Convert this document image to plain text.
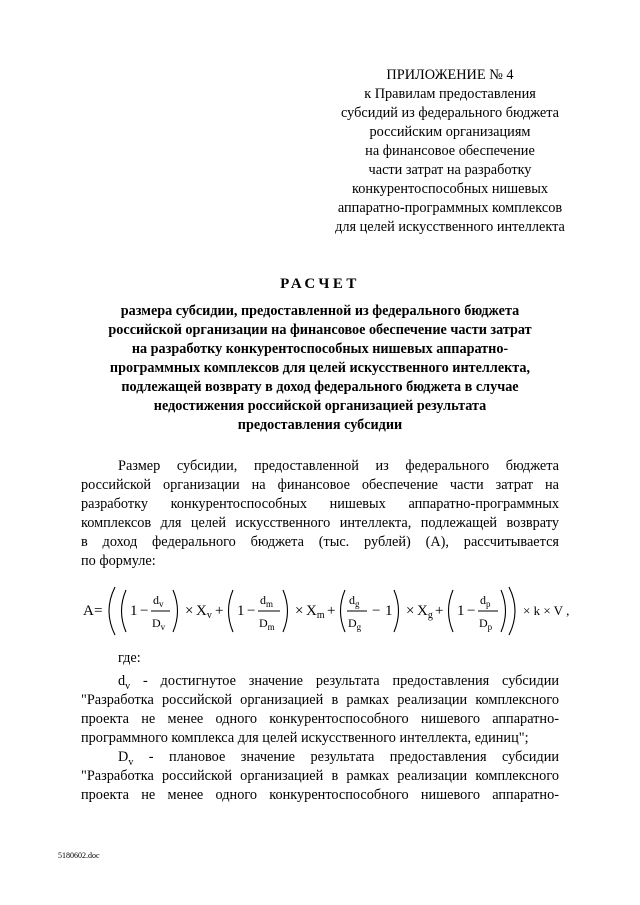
ПРИЛОЖЕНИЕ № 4
к Правилам предоставления
субсидий из федерального бюджета
российским организациям
на финансовое обеспечение
части затрат на разработку
конкурентоспособных нишевых
аппаратно-программных комплексов
для целей искусственного интеллекта
РАСЧЕТ
размера субсидии, предоставленной из федерального бюджета
российской организации на финансовое обеспечение части затрат
на разработку конкурентоспособных нишевых аппаратно-
программных комплексов для целей искусственного интеллекта,
подлежащей возврату в доход федерального бюджета в случае
недостижения российской организацией результата
предоставления субсидии
Размер субсидии, предоставленной из федерального бюджета
российской организации на финансовое обеспечение части затрат на
разработку конкурентоспособных нишевых аппаратно-программных
комплексов для целей искусственного интеллекта, подлежащей возврату
в доход федерального бюджета (тыс. рублей) (А), рассчитывается
по формуле:
A = 1 −
$d_v$
$D_v$
× $X_v + 1$ −
$d_m$
$D_m$
× $X_m$ +
$d_g$
$D_g$
− $1 \times X_g + 1$ −
$d_p$
$D_p$
× k × V ,
где:
$d_v$ - достигнутое значение результата предоставления субсидии
"Разработка российской организацией в рамках реализации комплексного
проекта не менее одного конкурентоспособного нишевого аппаратно-
программного комплекса для целей искусственного интеллекта, единиц";
$D_v$ - плановое значение результата предоставления субсидии
"Разработка российской организацией в рамках реализации комплексного
проекта не менее одного конкурентоспособного нишевого аппаратно-
5180602.doc
